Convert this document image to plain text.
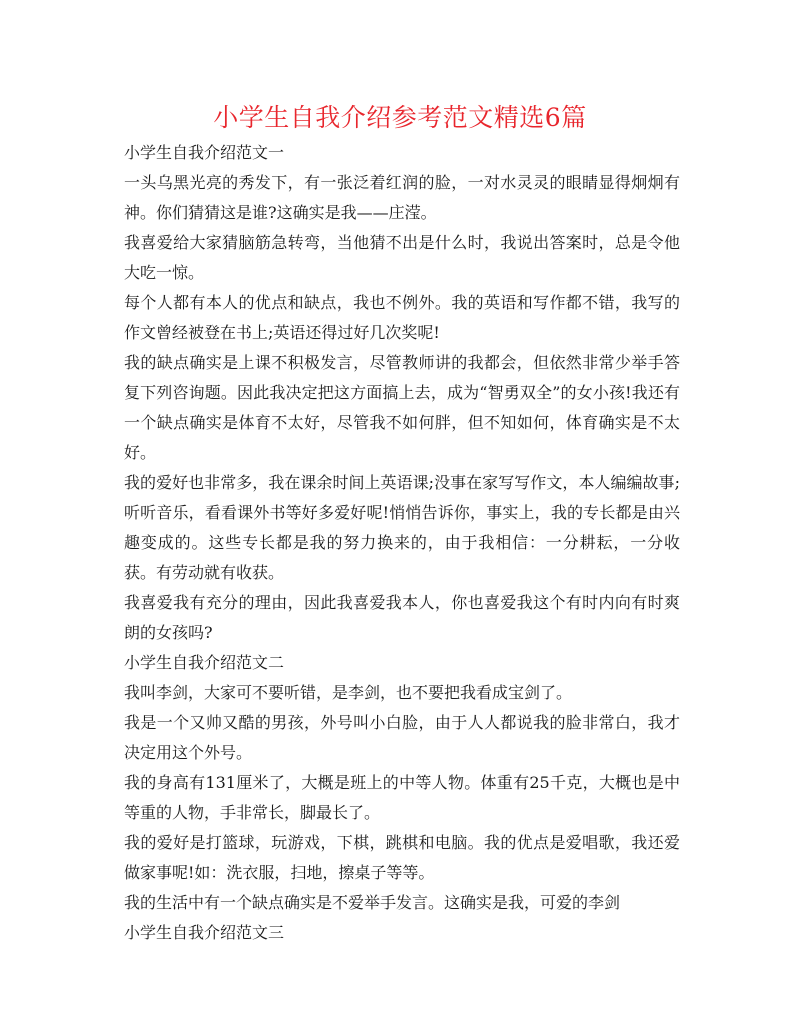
小学生自我介绍参考范文精选6篇

小学生自我介绍范文一

一头乌黑光亮的秀发下，有一张泛着红润的脸，一对水灵灵的眼睛显得炯炯有神。你们猜猜这是谁?这确实是我——庄滢。

我喜爱给大家猜脑筋急转弯，当他猜不出是什么时，我说出答案时，总是令他大吃一惊。

每个人都有本人的优点和缺点，我也不例外。我的英语和写作都不错，我写的作文曾经被登在书上;英语还得过好几次奖呢!

我的缺点确实是上课不积极发言，尽管教师讲的我都会，但依然非常少举手答复下列咨询题。因此我决定把这方面搞上去，成为“智勇双全”的女小孩!我还有一个缺点确实是体育不太好，尽管我不如何胖，但不知如何，体育确实是不太好。

我的爱好也非常多，我在课余时间上英语课;没事在家写写作文，本人编编故事;听听音乐，看看课外书等好多爱好呢!悄悄告诉你，事实上，我的专长都是由兴趣变成的。这些专长都是我的努力换来的，由于我相信：一分耕耘，一分收获。有劳动就有收获。

我喜爱我有充分的理由，因此我喜爱我本人，你也喜爱我这个有时内向有时爽朗的女孩吗?

小学生自我介绍范文二

我叫李剑，大家可不要听错，是李剑，也不要把我看成宝剑了。

我是一个又帅又酷的男孩，外号叫小白脸，由于人人都说我的脸非常白，我才决定用这个外号。

我的身高有131厘米了，大概是班上的中等人物。体重有25千克，大概也是中等重的人物，手非常长，脚最长了。

我的爱好是打篮球，玩游戏，下棋，跳棋和电脑。我的优点是爱唱歌，我还爱做家事呢!如：洗衣服，扫地，擦桌子等等。

我的生活中有一个缺点确实是不爱举手发言。这确实是我，可爱的李剑

小学生自我介绍范文三
